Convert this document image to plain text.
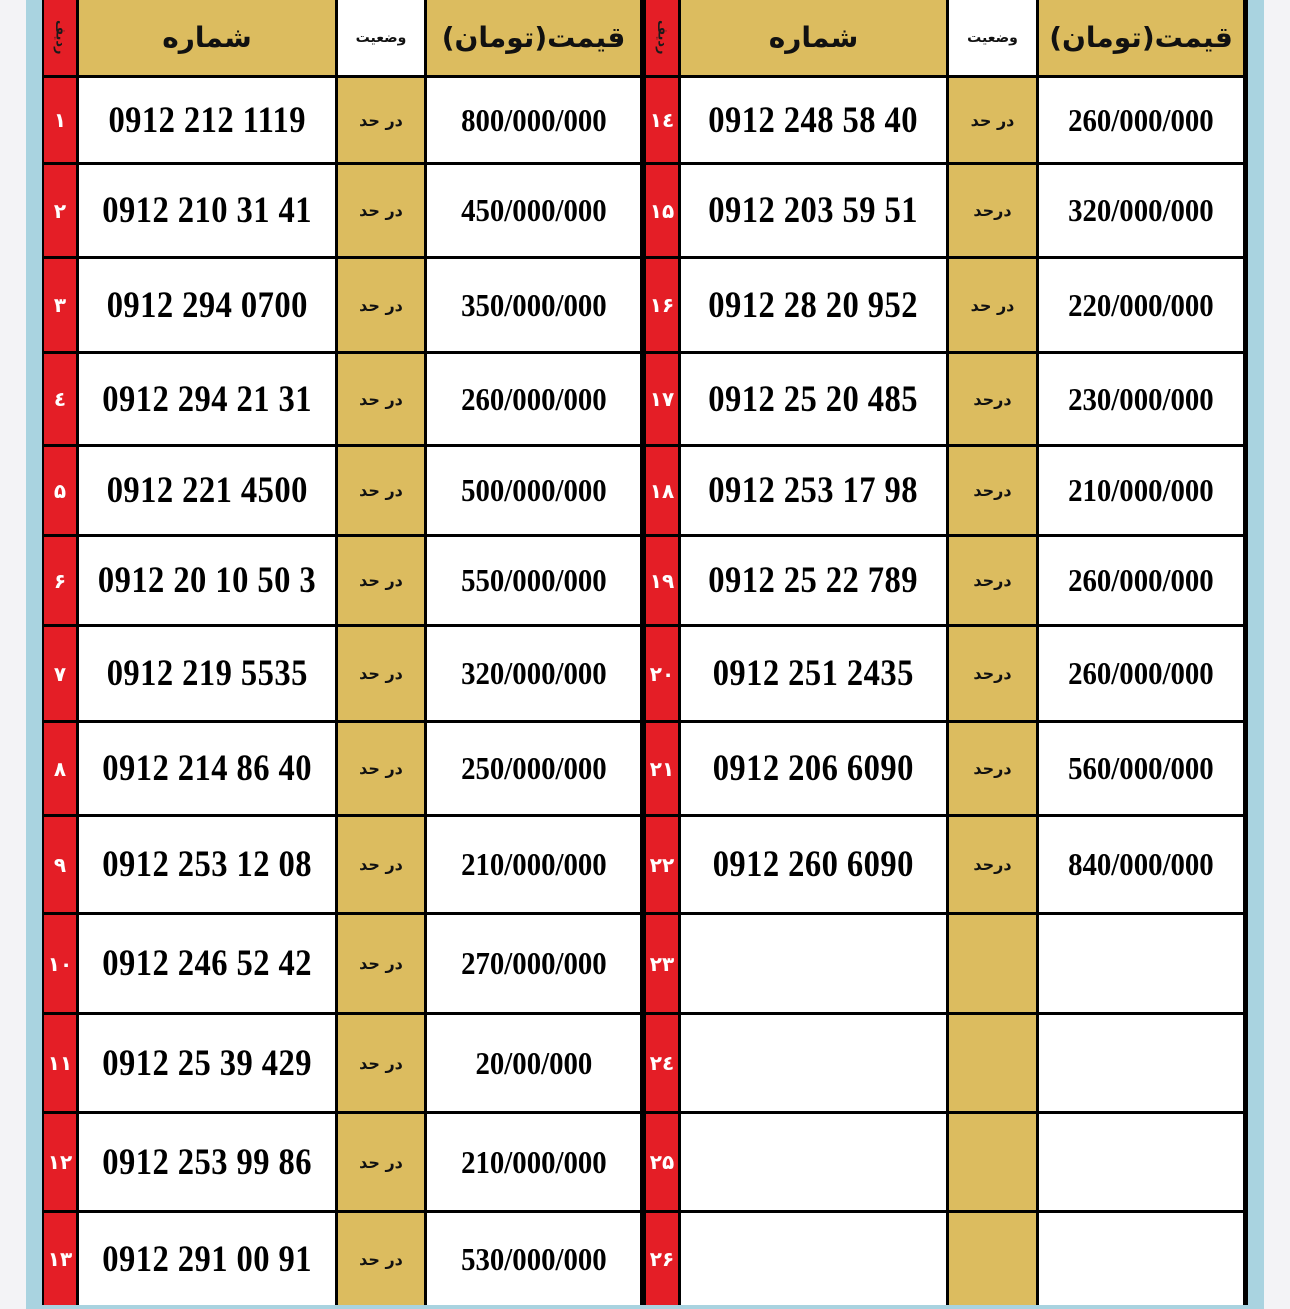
ردیف	شماره	وضعیت قیمت(تومان)
۱ 0912 212 1119	در حد 800/000/000
۲ 0912 210 31 41	در حد 450/000/000
۳ 0912 294 0700	در حد 350/000/000
٤ 0912 294 21 31	در حد 260/000/000
۵ 0912 221 4500	در حد 500/000/000
۶ 0912 20 10 50 3	در حد 550/000/000
۷ 0912 219 5535	در حد 320/000/000
۸ 0912 214 86 40	در حد 250/000/000
۹ 0912 253 12 08	در حد 210/000/000
۱۰ 0912 246 52 42	در حد 270/000/000
۱۱ 0912 25 39 429	در حد 20/00/000
۱۲ 0912 253 99 86	در حد 210/000/000
۱۳ 0912 291 00 91	در حد 530/000/000
ردیف	شماره	وضعیت قیمت(تومان)
۱٤ 0912 248 58 40	در حد 260/000/000
۱۵ 0912 203 59 51	درحد 320/000/000
۱۶ 0912 28 20 952	در حد 220/000/000
۱۷ 0912 25 20 485	درحد 230/000/000
۱۸ 0912 253 17 98	درحد 210/000/000
۱۹ 0912 25 22 789	درحد 260/000/000
۲۰ 0912 251 2435	درحد 260/000/000
۲۱ 0912 206 6090	درحد 560/000/000
۲۲ 0912 260 6090	درحد 840/000/000
۲۳
۲٤
۲۵
۲۶
